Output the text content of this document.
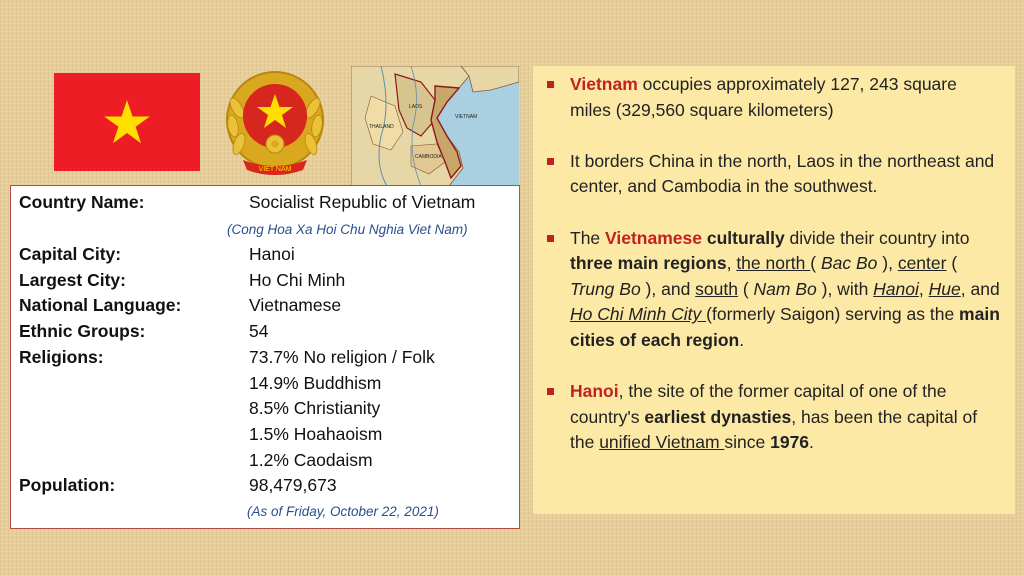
VIET NAM
VIETNAM
LAOS
THAILAND
CAMBODIA
Country Name:	Socialist Republic of Vietnam
(Cong Hoa Xa Hoi Chu Nghia Viet Nam)
Capital City:	Hanoi
Largest City:	Ho Chi Minh
National Language:	Vietnamese
Ethnic Groups:	54
Religions:	73.7% No religion / Folk
14.9% Buddhism
8.5% Christianity
1.5% Hoahaoism
1.2% Caodaism
Population:	98,479,673
(As of Friday, October 22, 2021)
Vietnam occupies approximately 127, 243 square miles (329,560 square kilometers)
It borders China in the north, Laos in the northeast and center, and Cambodia in the southwest.
The Vietnamese culturally divide their country into three main regions, the north ( Bac Bo ), center ( Trung Bo ), and south ( Nam Bo ), with Hanoi, Hue, and Ho Chi Minh City (formerly Saigon) serving as the main cities of each region.
Hanoi, the site of the former capital of one of the country's earliest dynasties, has been the capital of the unified Vietnam since 1976.
